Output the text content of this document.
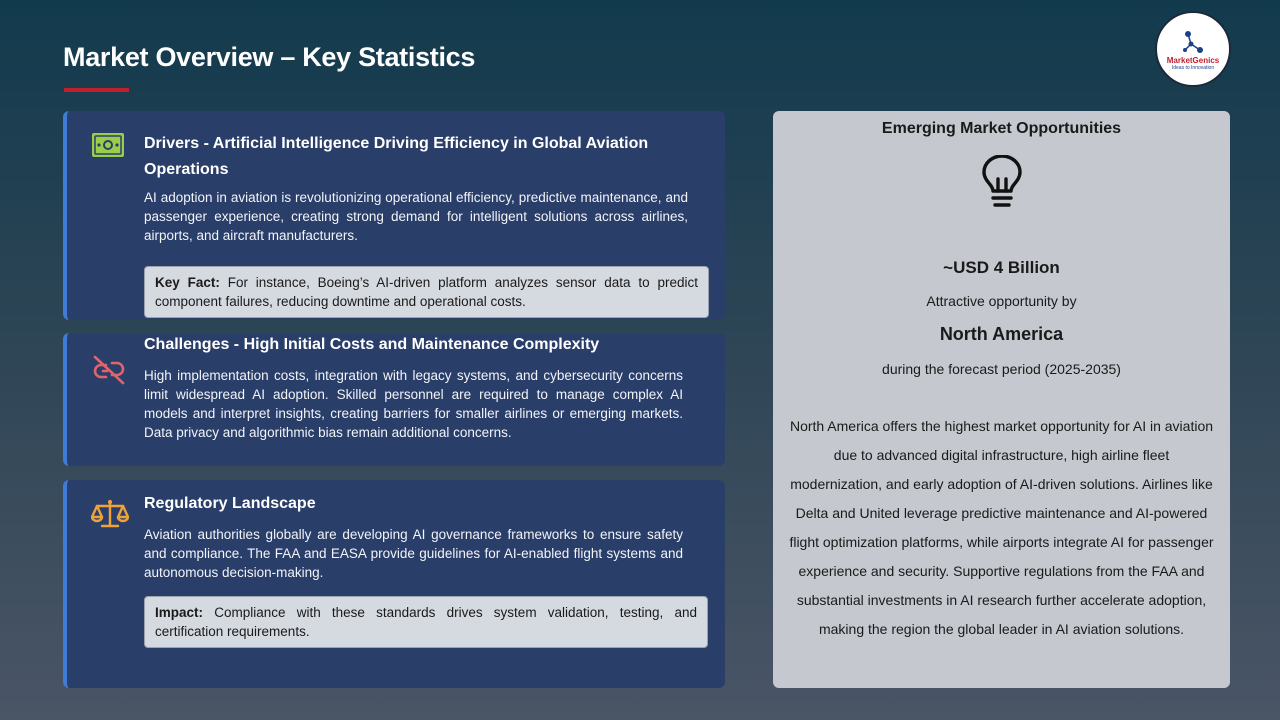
Market Overview – Key Statistics	MarketGenics
Ideas to Innovation
Drivers - Artificial Intelligence Driving Efficiency in Global Aviation Operations
AI adoption in aviation is revolutionizing operational efficiency, predictive maintenance, and passenger experience, creating strong demand for intelligent solutions across airlines, airports, and aircraft manufacturers.
Key Fact: For instance, Boeing’s AI-driven platform analyzes sensor data to predict component failures, reducing downtime and operational costs.
Challenges - High Initial Costs and Maintenance Complexity
High implementation costs, integration with legacy systems, and cybersecurity concerns limit widespread AI adoption. Skilled personnel are required to manage complex AI models and interpret insights, creating barriers for smaller airlines or emerging markets. Data privacy and algorithmic bias remain additional concerns.
Regulatory Landscape
Aviation authorities globally are developing AI governance frameworks to ensure safety and compliance. The FAA and EASA provide guidelines for AI-enabled flight systems and autonomous decision-making.
Impact: Compliance with these standards drives system validation, testing, and certification requirements.
Emerging Market Opportunities
~USD 4 Billion
Attractive opportunity by
North America
during the forecast period (2025-2035)
North America offers the highest market opportunity for AI in aviation due to advanced digital infrastructure, high airline fleet modernization, and early adoption of AI-driven solutions. Airlines like Delta and United leverage predictive maintenance and AI-powered flight optimization platforms, while airports integrate AI for passenger experience and security. Supportive regulations from the FAA and substantial investments in AI research further accelerate adoption, making the region the global leader in AI aviation solutions.
